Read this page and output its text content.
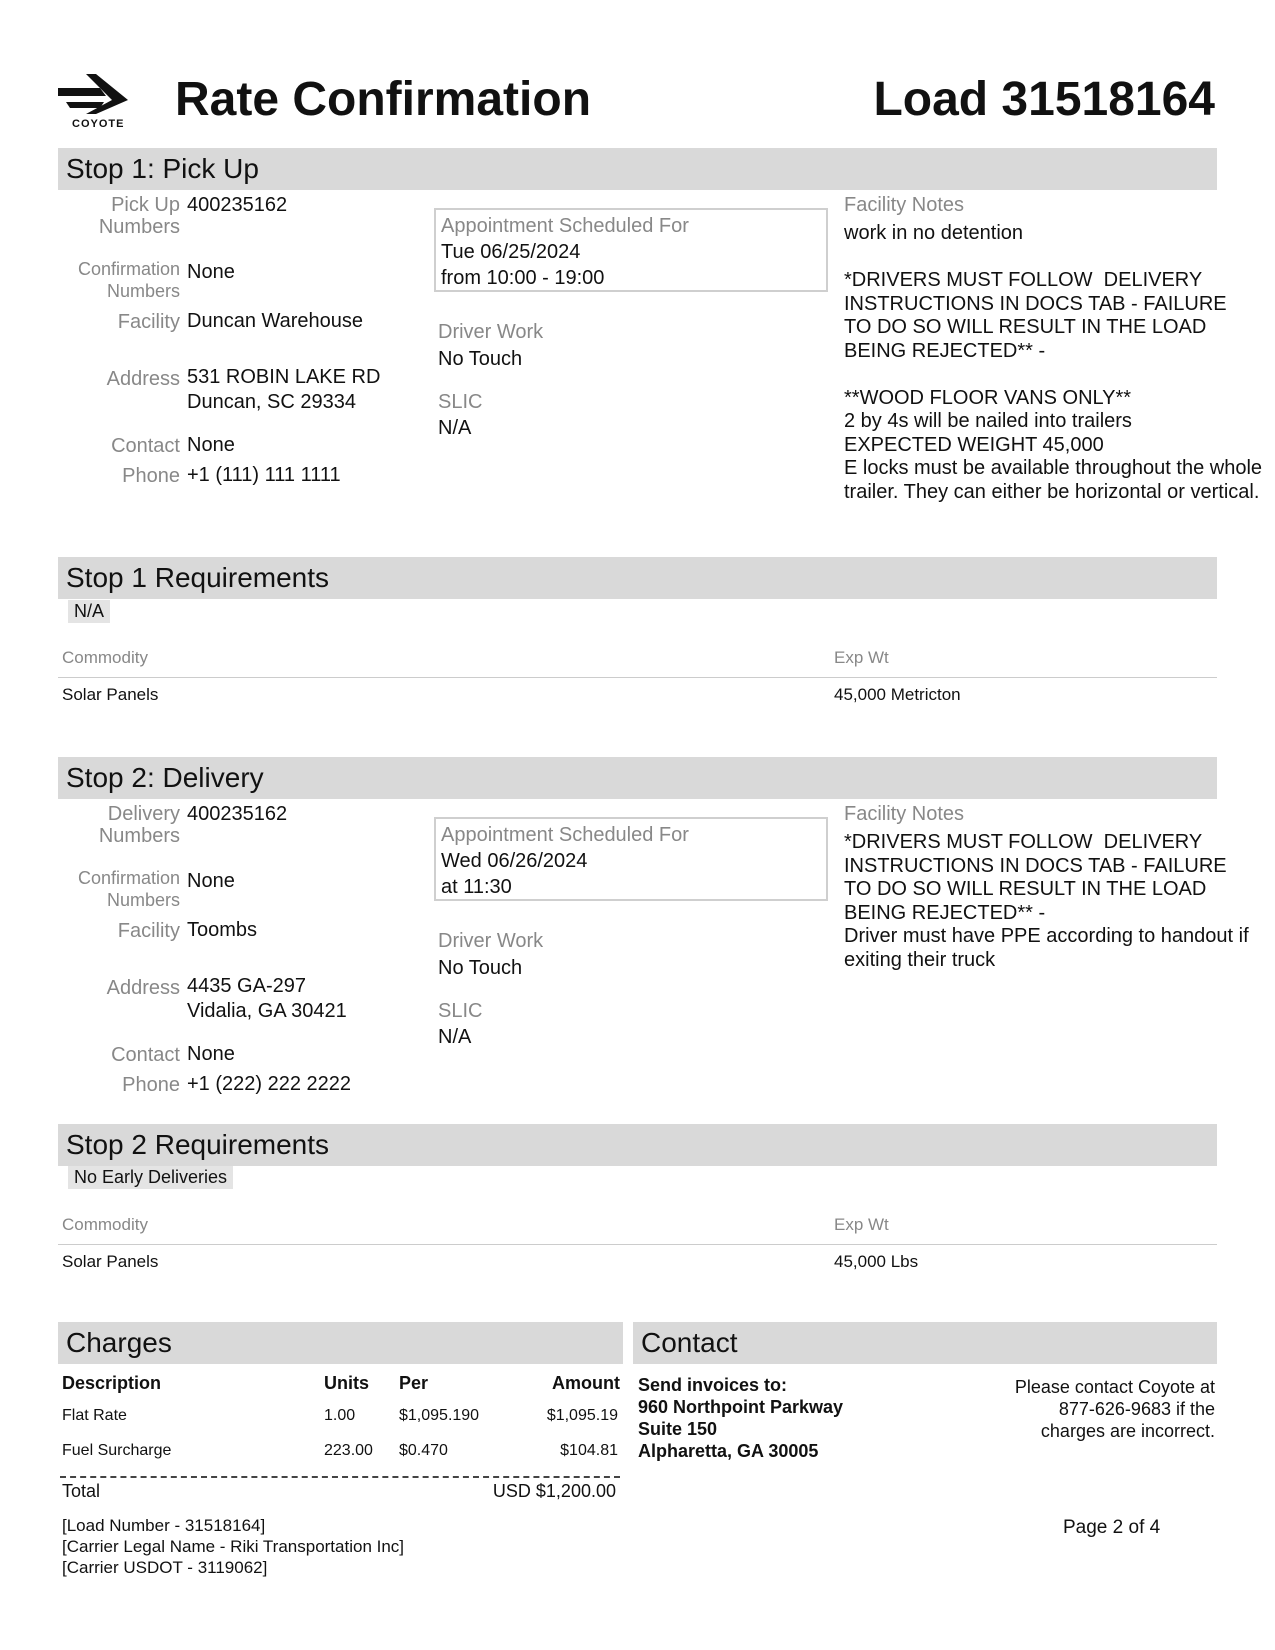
COYOTE Rate Confirmation	Load 31518164
Stop 1: Pick Up
Pick Up Numbers
400235162
Confirmation Numbers
None
Facility Duncan Warehouse
Address 531 ROBIN LAKE RD
Duncan, SC 29334
Contact None
Phone +1 (111) 111 1111
Appointment Scheduled For
Tue 06/25/2024
from 10:00 - 19:00
Driver Work
No Touch
SLIC
N/A
Facility Notes
work in no detention

*DRIVERS MUST FOLLOW  DELIVERY INSTRUCTIONS IN DOCS TAB - FAILURE  TO DO SO WILL RESULT IN THE LOAD BEING REJECTED** -

**WOOD FLOOR VANS ONLY**
2 by 4s will be nailed into trailers
EXPECTED WEIGHT 45,000
E locks must be available throughout the whole trailer. They can either be horizontal or vertical.
Stop 1 Requirements
N/A
Commodity	Exp Wt
Solar Panels	45,000 Metricton
Stop 2: Delivery
Delivery Numbers
400235162
Confirmation Numbers
None
Facility Toombs
Address 4435 GA-297
Vidalia, GA 30421
Contact None
Phone +1 (222) 222 2222
Appointment Scheduled For
Wed 06/26/2024
at 11:30
Driver Work
No Touch
SLIC
N/A
Facility Notes
*DRIVERS MUST FOLLOW  DELIVERY INSTRUCTIONS IN DOCS TAB - FAILURE  TO DO SO WILL RESULT IN THE LOAD BEING REJECTED** -
Driver must have PPE according to handout if exiting their truck
Stop 2 Requirements
No Early Deliveries
Commodity	Exp Wt
Solar Panels	45,000 Lbs
Charges
Description	Units Per	Amount
Flat Rate	1.00	$1,095.190	$1,095.19
Fuel Surcharge	223.00 $0.470	$104.81
Total	USD $1,200.00
Contact
Send invoices to:
960 Northpoint Parkway
Suite 150
Alpharetta, GA 30005
Please contact Coyote at 877-626-9683 if the charges are incorrect.
[Load Number - 31518164]
[Carrier Legal Name - Riki Transportation Inc]
[Carrier USDOT - 3119062]
Page 2 of 4
